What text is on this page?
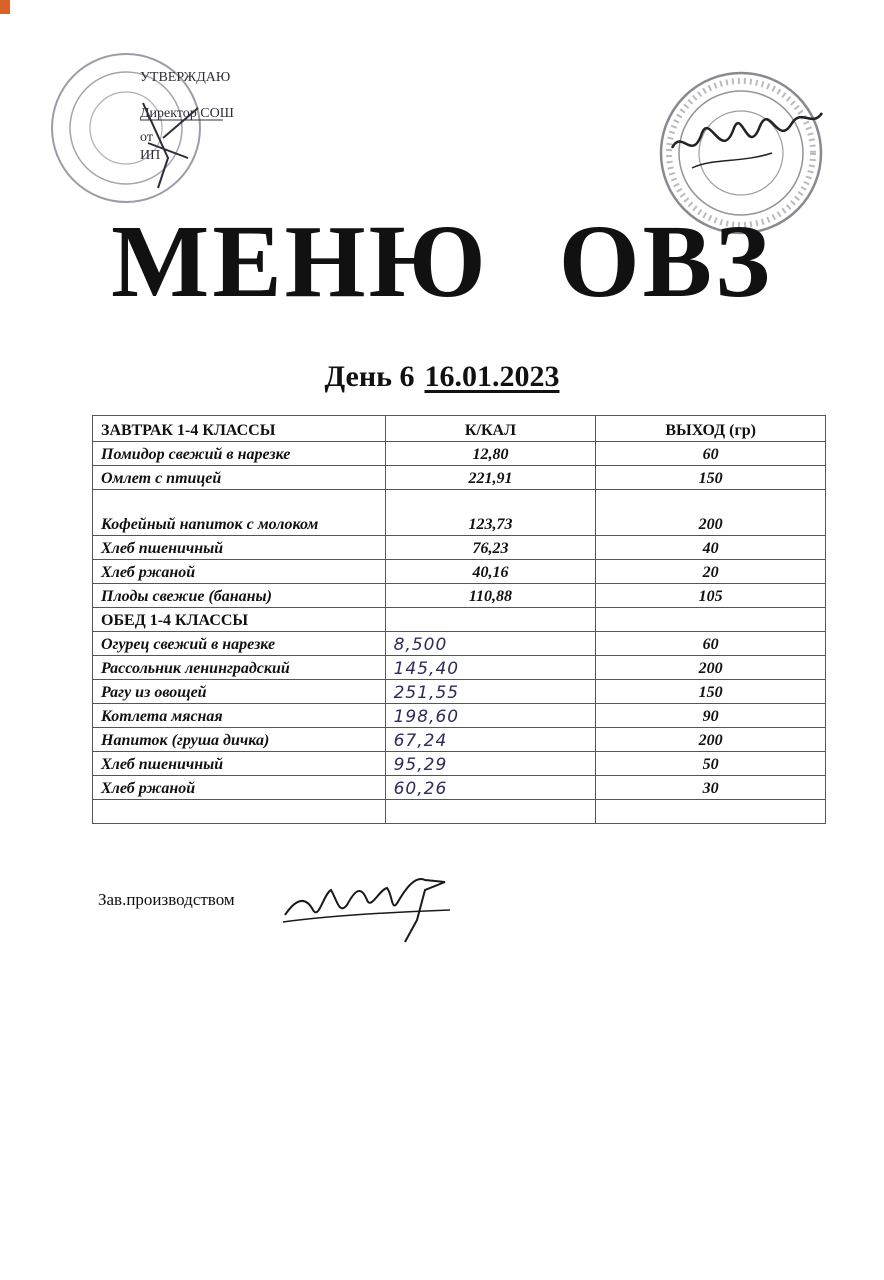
УТВЕРЖДАЮ
Директор СОШ
от
ИП
МЕНЮ ОВЗ
День 6 16.01.2023
ЗАВТРАК 1-4 КЛАССЫ	К/КАЛ	ВЫХОД (гр)
Помидор свежий в нарезке	12,80	60
Омлет с птицей	221,91	150
Кофейный напиток с молоком	123,73	200
Хлеб пшеничный	76,23	40
Хлеб ржаной	40,16	20
Плоды свежие (бананы)	110,88	105
ОБЕД 1-4 КЛАССЫ		
Огурец свежий в нарезке	8,500	60
Рассольник ленинградский	145,40	200
Рагу из овощей	251,55	150
Котлета мясная	198,60	90
Напиток (груша дичка)	67,24	200
Хлеб пшеничный	95,29	50
Хлеб ржаной	60,26	30

Зав.производством
